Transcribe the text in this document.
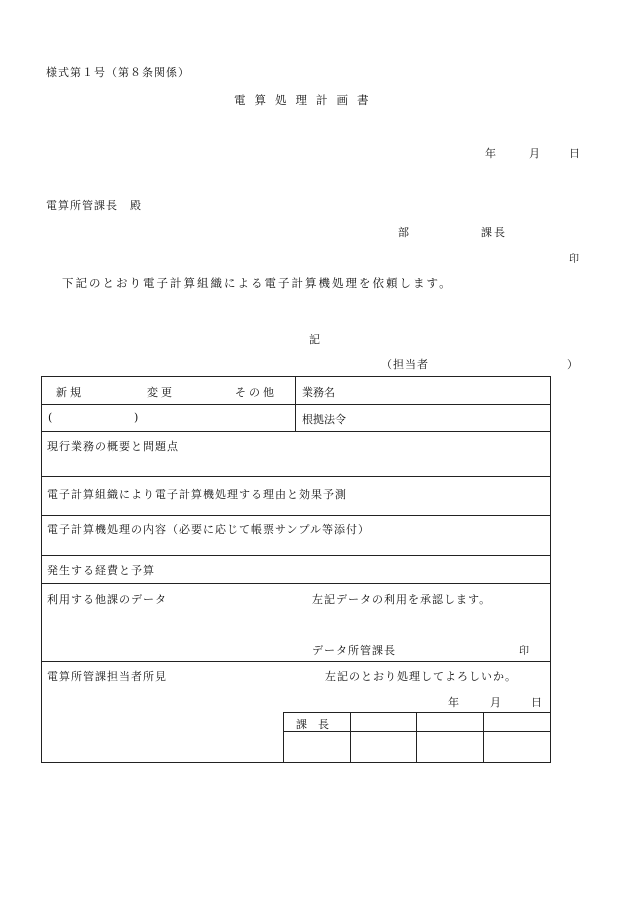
様式第１号（第８条関係）
電算処理計画書
年	月	日
電算所管課長　殿
部	課長
印
下記のとおり電子計算組織による電子計算機処理を依頼します。
記
（担当者	）
新規	変更	その他 業務名
(	)	根拠法令
現行業務の概要と問題点
電子計算組織により電子計算機処理する理由と効果予測
電子計算機処理の内容（必要に応じて帳票サンプル等添付）
発生する経費と予算
利用する他課のデータ	左記データの利用を承認します。
データ所管課長	印
電算所管課担当者所見	左記のとおり処理してよろしいか。
年	月	日
課　長
